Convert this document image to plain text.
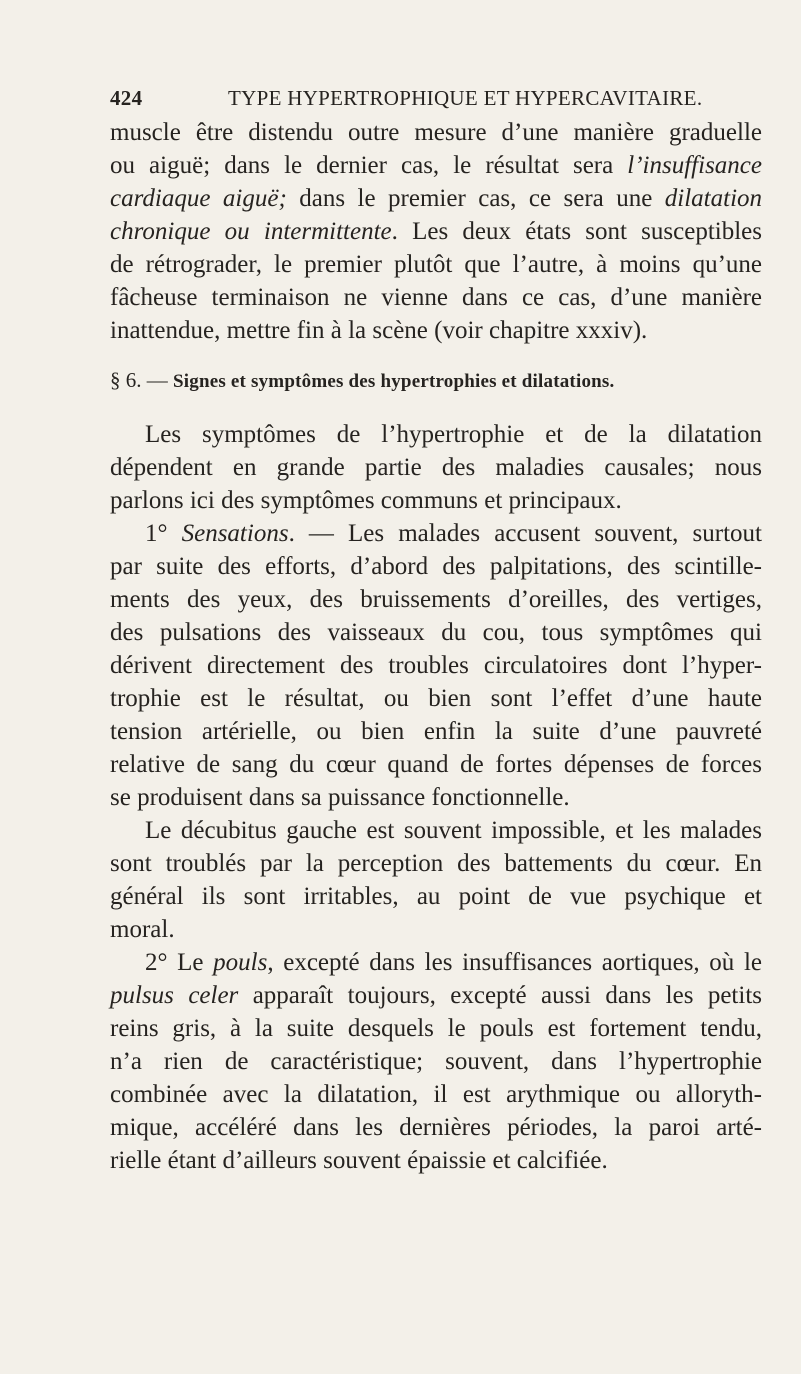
424	TYPE HYPERTROPHIQUE ET HYPERCAVITAIRE.
muscle être distendu outre mesure d’une manière graduelle
ou aiguë; dans le dernier cas, le résultat sera l’insuffisance
cardiaque aiguë; dans le premier cas, ce sera une dilatation
chronique ou intermittente. Les deux états sont susceptibles
de rétrograder, le premier plutôt que l’autre, à moins qu’une
fâcheuse terminaison ne vienne dans ce cas, d’une manière
inattendue, mettre fin à la scène (voir chapitre xxxiv).
§ 6. — Signes et symptômes des hypertrophies et dilatations.
Les symptômes de l’hypertrophie et de la dilatation
dépendent en grande partie des maladies causales; nous
parlons ici des symptômes communs et principaux.
1° Sensations. — Les malades accusent souvent, surtout
par suite des efforts, d’abord des palpitations, des scintille-
ments des yeux, des bruissements d’oreilles, des vertiges,
des pulsations des vaisseaux du cou, tous symptômes qui
dérivent directement des troubles circulatoires dont l’hyper-
trophie est le résultat, ou bien sont l’effet d’une haute
tension artérielle, ou bien enfin la suite d’une pauvreté
relative de sang du cœur quand de fortes dépenses de forces
se produisent dans sa puissance fonctionnelle.
Le décubitus gauche est souvent impossible, et les malades
sont troublés par la perception des battements du cœur. En
général ils sont irritables, au point de vue psychique et
moral.
2° Le pouls, excepté dans les insuffisances aortiques, où le
pulsus celer apparaît toujours, excepté aussi dans les petits
reins gris, à la suite desquels le pouls est fortement tendu,
n’a rien de caractéristique; souvent, dans l’hypertrophie
combinée avec la dilatation, il est arythmique ou alloryth-
mique, accéléré dans les dernières périodes, la paroi arté-
rielle étant d’ailleurs souvent épaissie et calcifiée.
